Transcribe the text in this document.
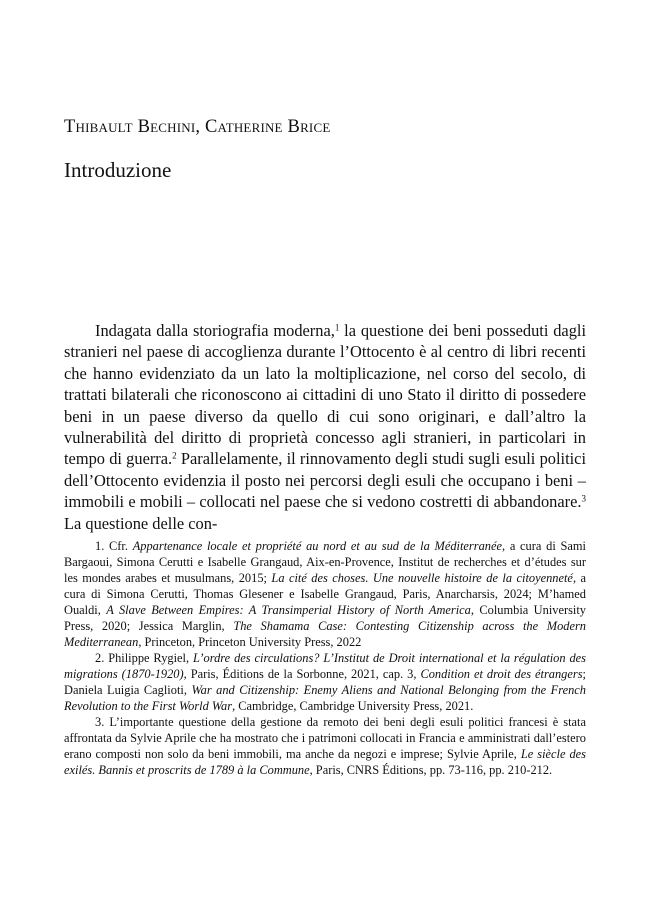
Thibault Bechini, Catherine Brice
Introduzione

Indagata dalla storiografia moderna,$^1$ la questione dei beni posseduti dagli stranieri nel paese di accoglienza durante l’Ottocento è al centro di libri recenti che hanno evidenziato da un lato la moltiplicazione, nel corso del secolo, di trattati bilaterali che riconoscono ai cittadini di uno Stato il diritto di possedere beni in un paese diverso da quello di cui sono originari, e dall’altro la vulnerabilità del diritto di proprietà concesso agli stranieri, in particolari in tempo di guerra.$^2$ Parallelamente, il rinnovamento degli studi sugli esuli politici dell’Ottocento evidenzia il posto nei percorsi degli esuli che occupano i beni – immobili e mobili – collocati nel paese che si vedono costretti di abbandonare.$^3$ La questione delle con-

1. Cfr. Appartenance locale et propriété au nord et au sud de la Méditerranée, a cura di Sami Bargaoui, Simona Cerutti e Isabelle Grangaud, Aix-en-Provence, Institut de recherches et d’études sur les mondes arabes et musulmans, 2015; La cité des choses. Une nouvelle histoire de la citoyenneté, a cura di Simona Cerutti, Thomas Glesener e Isabelle Grangaud, Paris, Anarcharsis, 2024; M’hamed Oualdi, A Slave Between Empires: A Transimperial History of North America, Columbia University Press, 2020; Jessica Marglin, The Shamama Case: Contesting Citizenship across the Modern Mediterranean, Princeton, Princeton University Press, 2022

2. Philippe Rygiel, L’ordre des circulations? L’Institut de Droit international et la régulation des migrations (1870-1920), Paris, Éditions de la Sorbonne, 2021, cap. 3, Condition et droit des étrangers; Daniela Luigia Caglioti, War and Citizenship: Enemy Aliens and National Belonging from the French Revolution to the First World War, Cambridge, Cambridge University Press, 2021.

3. L’importante questione della gestione da remoto dei beni degli esuli politici francesi è stata affrontata da Sylvie Aprile che ha mostrato che i patrimoni collocati in Francia e amministrati dall’estero erano composti non solo da beni immobili, ma anche da negozi e imprese; Sylvie Aprile, Le siècle des exilés. Bannis et proscrits de 1789 à la Commune, Paris, CNRS Éditions, pp. 73-116, pp. 210-212.
